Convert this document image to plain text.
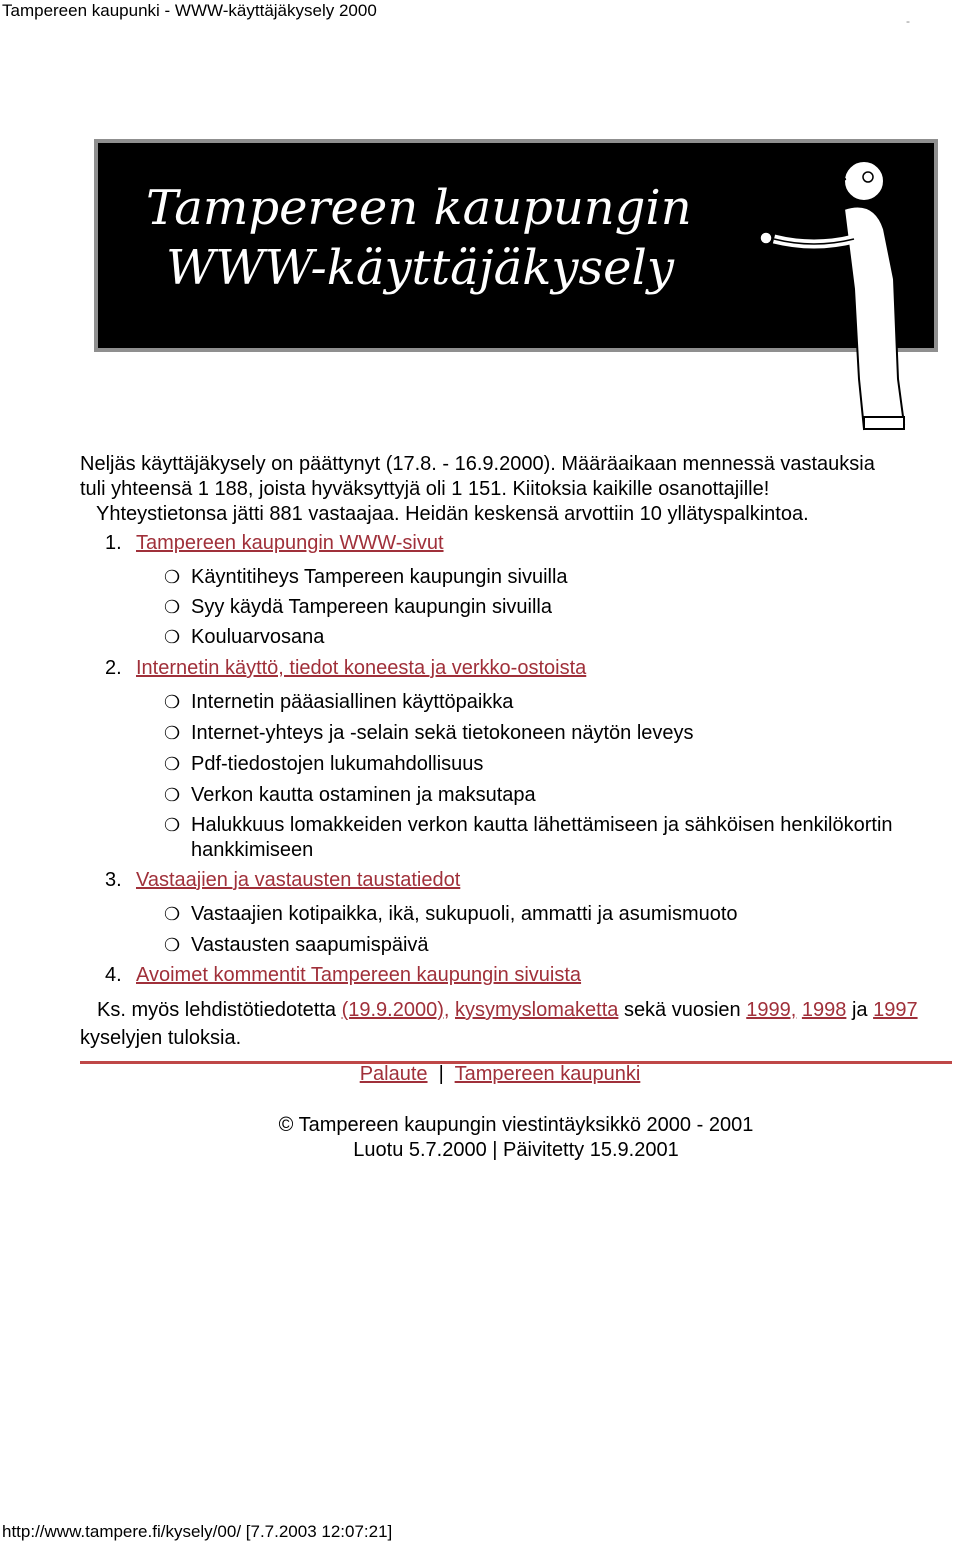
Tampereen kaupunki - WWW-käyttäjäkysely 2000
-
Tampereen kaupungin
WWW-käyttäjäkysely

Neljäs käyttäjäkysely on päättynyt (17.8. - 16.9.2000). Määräaikaan mennessä vastauksia

tuli yhteensä 1 188, joista hyväksyttyjä oli 1 151. Kiitoksia kaikille osanottajille!

Yhteystietonsa jätti 881 vastaajaa. Heidän keskensä arvottiin 10 yllätyspalkintoa.

1. Tampereen kaupungin WWW-sivut
❍ Käyntitiheys Tampereen kaupungin sivuilla
❍ Syy käydä Tampereen kaupungin sivuilla
❍ Kouluarvosana
2. Internetin käyttö, tiedot koneesta ja verkko-ostoista
❍ Internetin pääasiallinen käyttöpaikka
❍ Internet-yhteys ja -selain sekä tietokoneen näytön leveys
❍ Pdf-tiedostojen lukumahdollisuus
❍ Verkon kautta ostaminen ja maksutapa
❍ Halukkuus lomakkeiden verkon kautta lähettämiseen ja sähköisen henkilökortin hankkimiseen
3. Vastaajien ja vastausten taustatiedot
❍ Vastaajien kotipaikka, ikä, sukupuoli, ammatti ja asumismuoto
❍ Vastausten saapumispäivä
4. Avoimet kommentit Tampereen kaupungin sivuista
Ks. myös lehdistötiedotetta (19.9.2000), kysymyslomaketta sekä vuosien 1999, 1998 ja 1997 kyselyjen tuloksia.
Palaute | Tampereen kaupunki
© Tampereen kaupungin viestintäyksikkö 2000 - 2001
Luotu 5.7.2000 | Päivitetty 15.9.2001
http://www.tampere.fi/kysely/00/ [7.7.2003 12:07:21]
